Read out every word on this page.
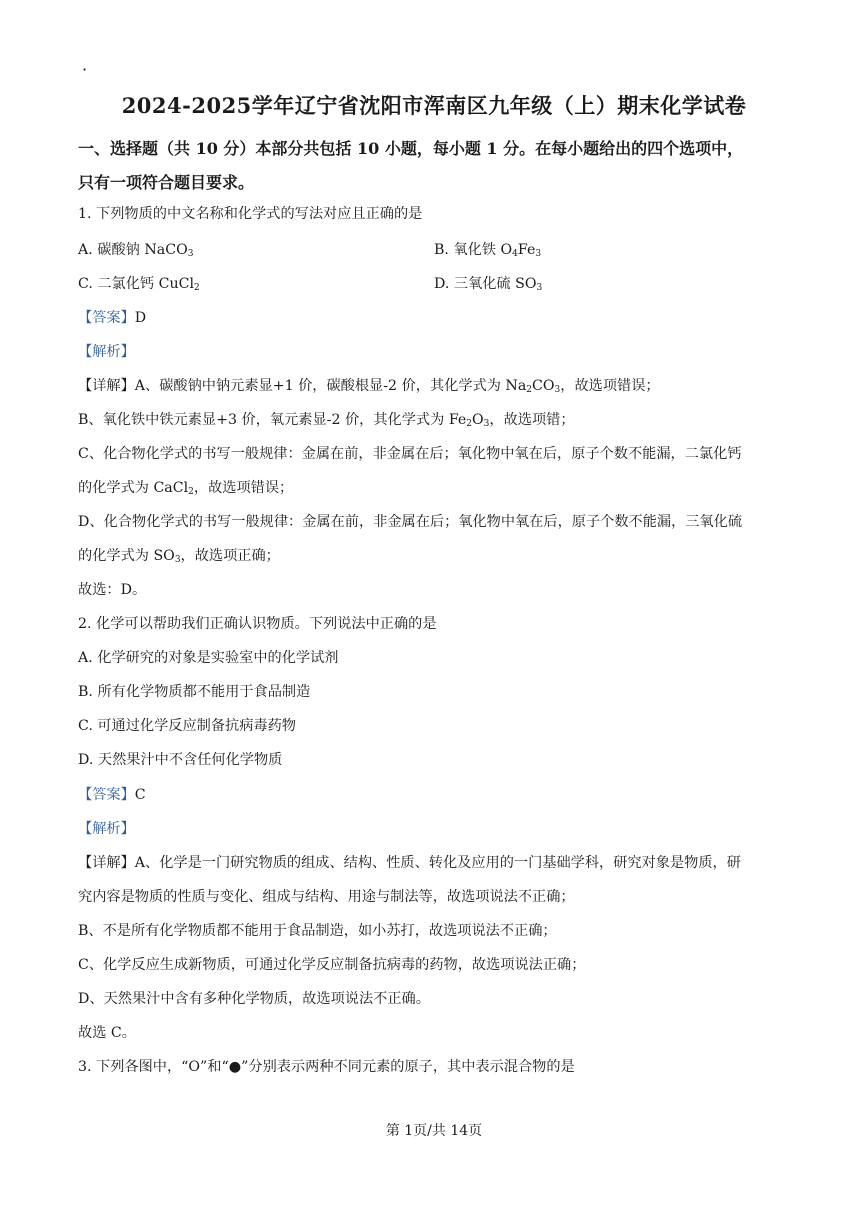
·
2024-2025学年辽宁省沈阳市浑南区九年级（上）期末化学试卷
一、选择题（共 10 分）本部分共包括 10 小题，每小题 1 分。在每小题给出的四个选项中，
只有一项符合题目要求。
1. 下列物质的中文名称和化学式的写法对应且正确的是
A. 碳酸钠 NaCO$_3$	B. 氧化铁 $O_4Fe_3$
C. 二氯化钙 CuCl$_2$	D. 三氧化硫 $SO_3$
【答案】D
【解析】
【详解】A、碳酸钠中钠元素显+1 价，碳酸根显-2 价，其化学式为 $Na_2CO_3$，故选项错误；
B、氧化铁中铁元素显+3 价，氧元素显-2 价，其化学式为 $Fe_2O_3$，故选项错；
C、化合物化学式的书写一般规律：金属在前，非金属在后；氧化物中氧在后，原子个数不能漏，二氯化钙
的化学式为 CaCl$_2$，故选项错误；
D、化合物化学式的书写一般规律：金属在前，非金属在后；氧化物中氧在后，原子个数不能漏，三氧化硫
的化学式为 $SO_3$，故选项正确；
故选：D。
2. 化学可以帮助我们正确认识物质。下列说法中正确的是
A. 化学研究的对象是实验室中的化学试剂
B. 所有化学物质都不能用于食品制造
C. 可通过化学反应制备抗病毒药物
D. 天然果汁中不含任何化学物质
【答案】C
【解析】
【详解】A、化学是一门研究物质的组成、结构、性质、转化及应用的一门基础学科，研究对象是物质，研
究内容是物质的性质与变化、组成与结构、用途与制法等，故选项说法不正确；
B、不是所有化学物质都不能用于食品制造，如小苏打，故选项说法不正确；
C、化学反应生成新物质，可通过化学反应制备抗病毒的药物，故选项说法正确；
D、天然果汁中含有多种化学物质，故选项说法不正确。
故选 C。
3. 下列各图中，“O”和“●”分别表示两种不同元素的原子，其中表示混合物的是
第 1页/共 14页
